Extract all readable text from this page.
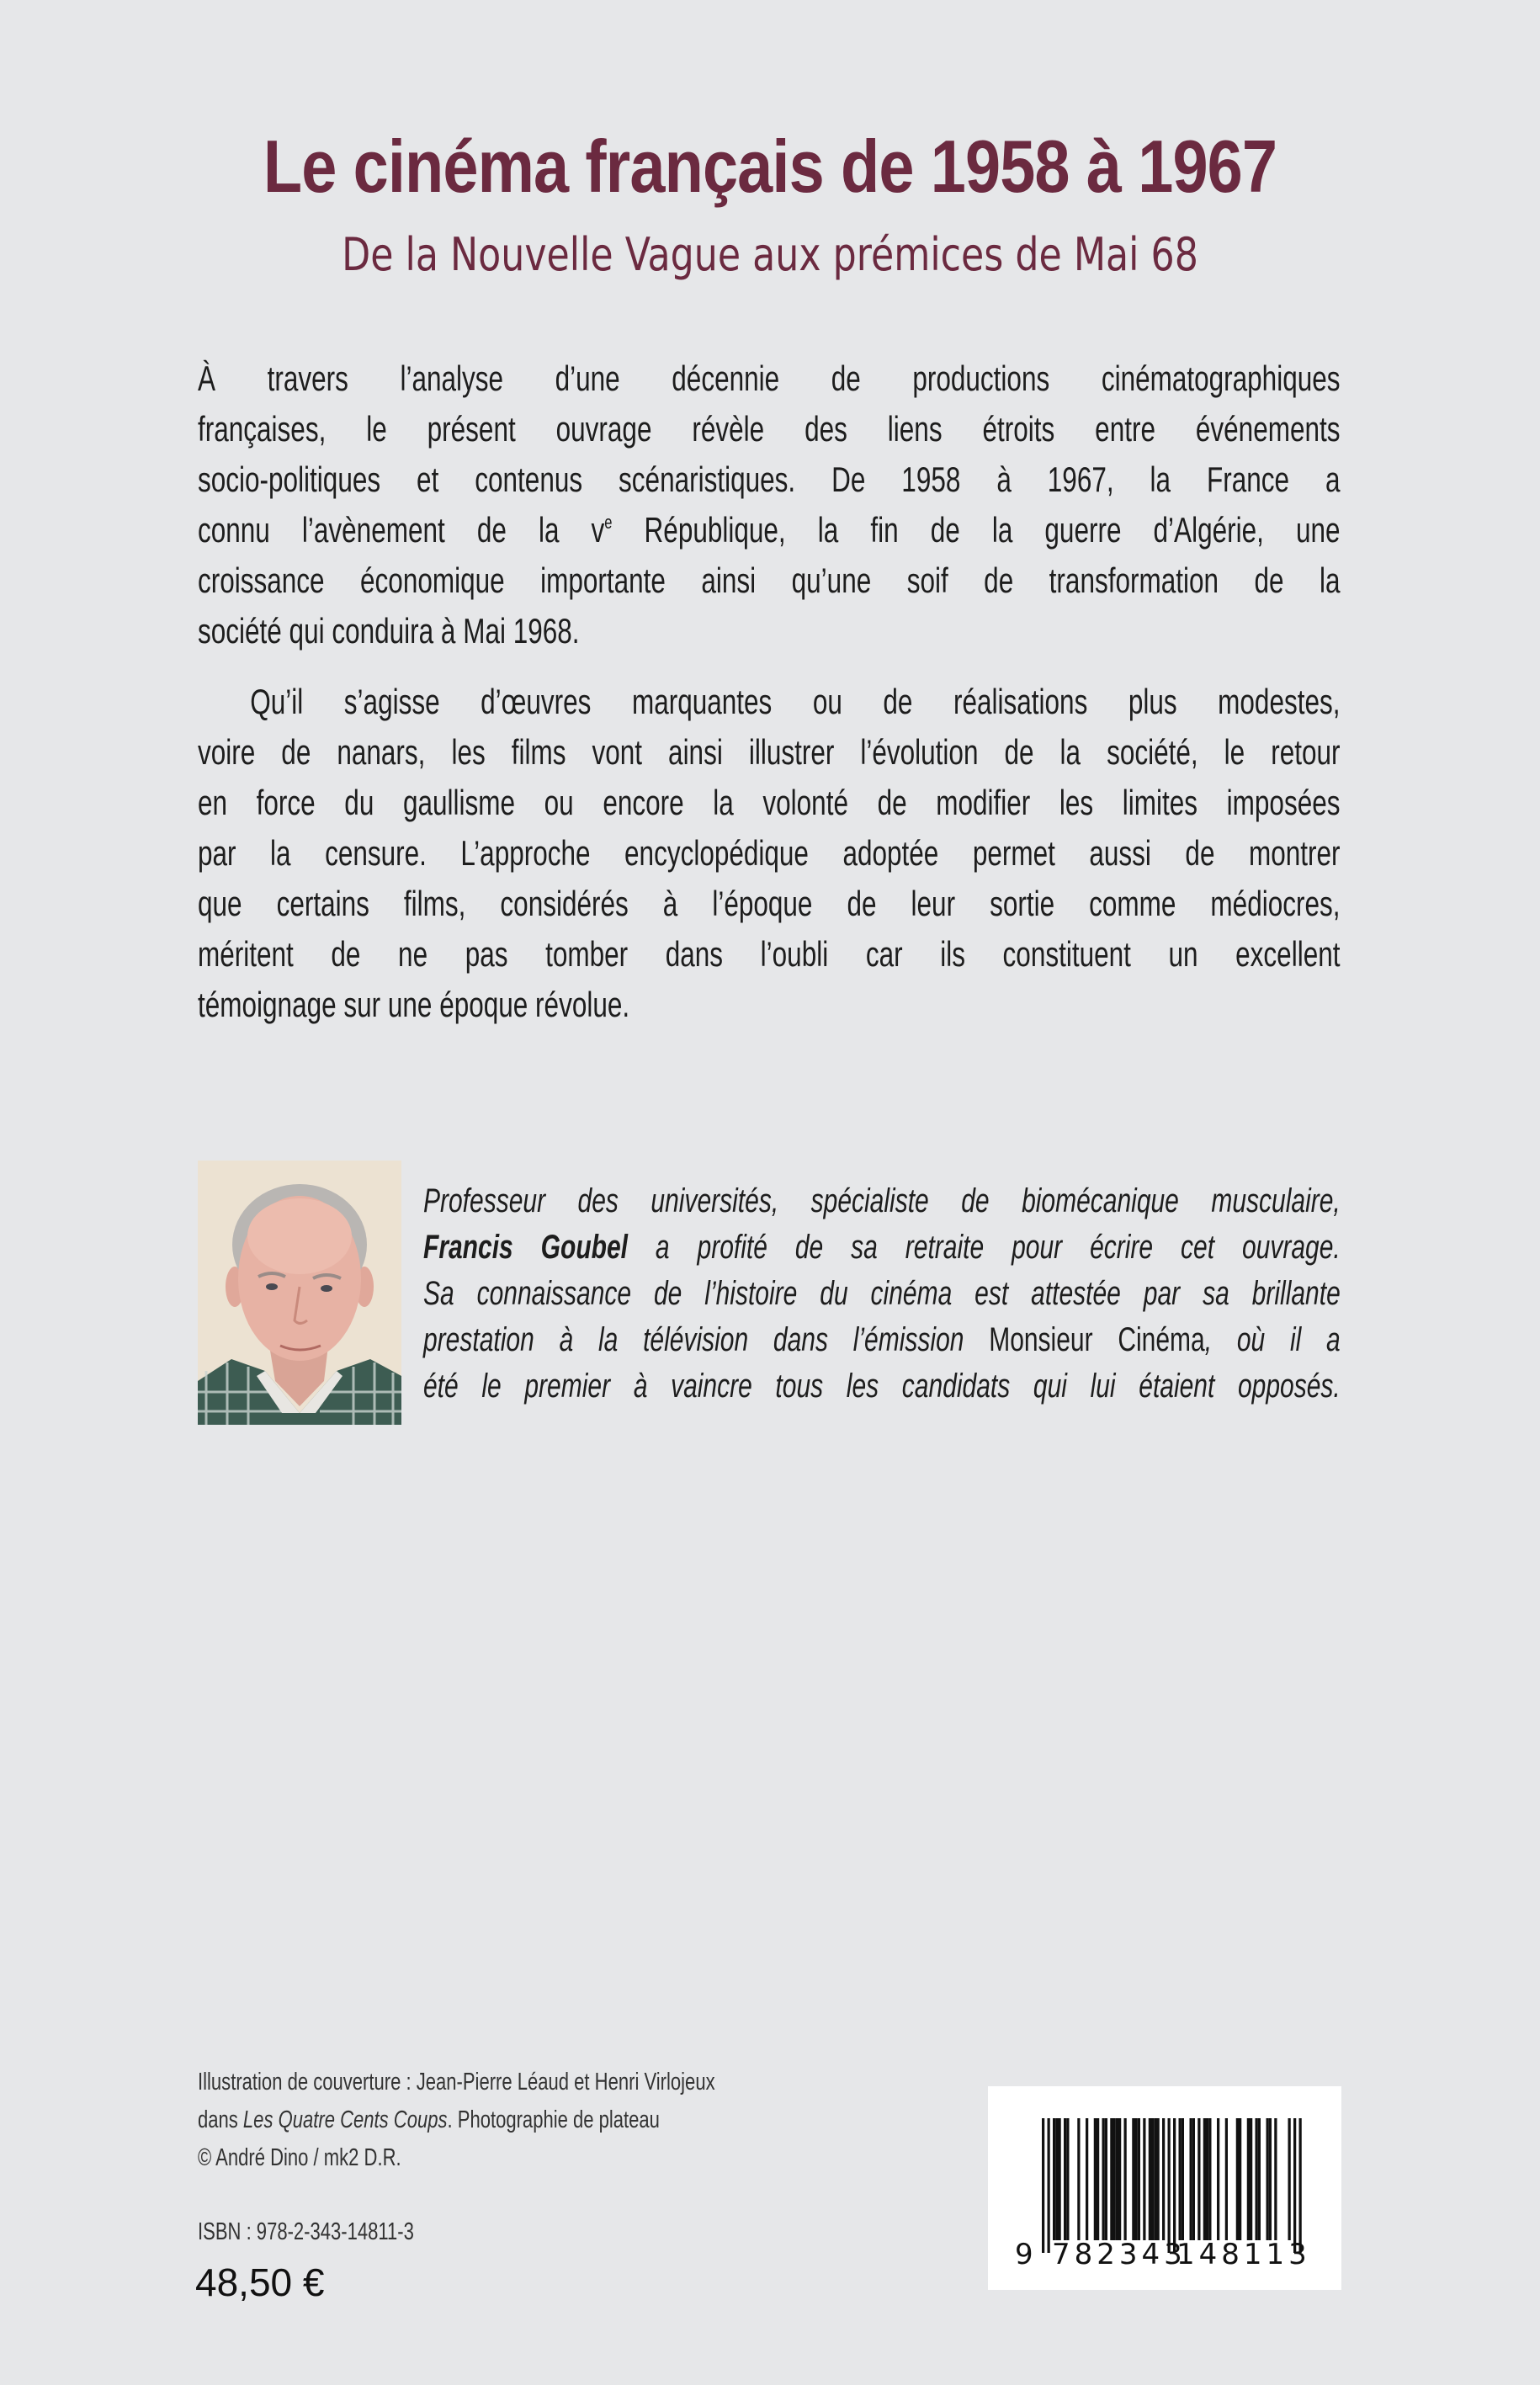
Le cinéma français de 1958 à 1967
De la Nouvelle Vague aux prémices de Mai 68
À travers l’analyse d’une décennie de productions cinématographiques
françaises, le présent ouvrage révèle des liens étroits entre événements
socio-politiques et contenus scénaristiques. De 1958 à 1967, la France a
connu l’avènement de la $v^e$ République, la fin de la guerre d’Algérie, une
croissance économique importante ainsi qu’une soif de transformation de la
société qui conduira à Mai 1968.
Qu’il s’agisse d’œuvres marquantes ou de réalisations plus modestes,
voire de nanars, les films vont ainsi illustrer l’évolution de la société, le retour
en force du gaullisme ou encore la volonté de modifier les limites imposées
par la censure. L’approche encyclopédique adoptée permet aussi de montrer
que certains films, considérés à l’époque de leur sortie comme médiocres,
méritent de ne pas tomber dans l’oubli car ils constituent un excellent
témoignage sur une époque révolue.
Professeur des universités, spécialiste de biomécanique musculaire,
Francis Goubel a profité de sa retraite pour écrire cet ouvrage.
Sa connaissance de l’histoire du cinéma est attestée par sa brillante
prestation à la télévision dans l’émission Monsieur Cinéma, où il a
été le premier à vaincre tous les candidats qui lui étaient opposés.
Illustration de couverture : Jean-Pierre Léaud et Henri Virlojeux
dans Les Quatre Cents Coups. Photographie de plateau
© André Dino / mk2 D.R.
ISBN : 978-2-343-14811-3
48,50 €
9 782343
148113
